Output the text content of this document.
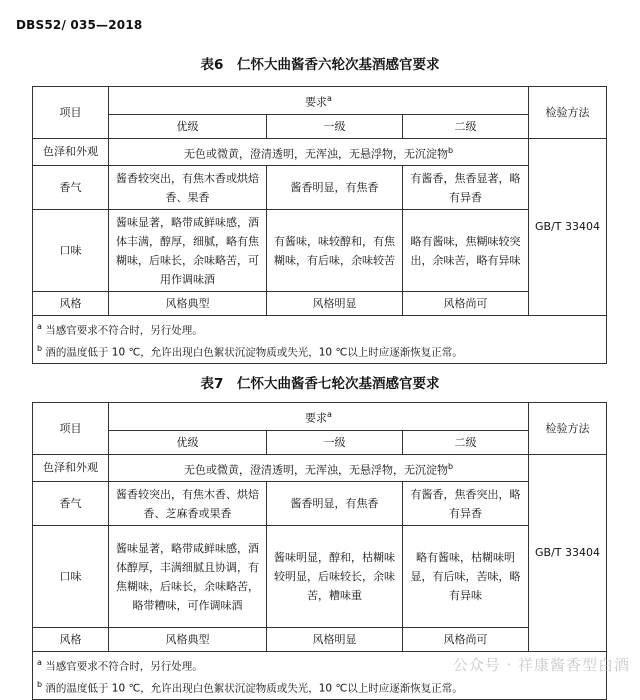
DBS52/ 035—2018
表6　仁怀大曲酱香六轮次基酒感官要求
项目	要求$^a$			检验方法
	优级	一级	二级	
色泽和外观	无色或微黄，澄清透明，无浑浊，无悬浮物，无沉淀物$^b$			GB/T 33404
香气	酱香较突出，有焦木香或烘焙香、果香	酱香明显，有焦香	有酱香，焦香显著，略有异香	
口味	酱味显著，略带咸鲜味感，酒体丰满，醇厚，细腻，略有焦糊味，后味长，余味略苦，可用作调味酒	有酱味，味较醇和，有焦糊味，有后味，余味较苦	略有酱味，焦糊味较突出，余味苦，略有异味	
风格	风格典型	风格明显	风格尚可	

$^a$ 当感官要求不符合时，另行处理。
$^b$ 酒的温度低于 10 ℃，允许出现白色絮状沉淀物质或失光，10 ℃以上时应逐渐恢复正常。				
表7　仁怀大曲酱香七轮次基酒感官要求
项目	要求$^a$			检验方法
	优级	一级	二级	
色泽和外观	无色或微黄，澄清透明，无浑浊，无悬浮物，无沉淀物$^b$			GB/T 33404
香气	酱香较突出，有焦木香、烘焙香、芝麻香或果香	酱香明显，有焦香	有酱香，焦香突出，略有异香	
口味	酱味显著，略带咸鲜味感，酒体醇厚，丰满细腻且协调，有焦糊味，后味长，余味略苦，略带糟味，可作调味酒	酱味明显，醇和，枯糊味较明显，后味较长，余味苦，糟味重	略有酱味，枯糊味明显，有后味，苦味，略有异味	
风格	风格典型	风格明显	风格尚可	

$^a$ 当感官要求不符合时，另行处理。
$^b$ 酒的温度低于 10 ℃，允许出现白色絮状沉淀物质或失光，10 ℃以上时应逐渐恢复正常。				
公众号 · 祥康酱香型白酒
